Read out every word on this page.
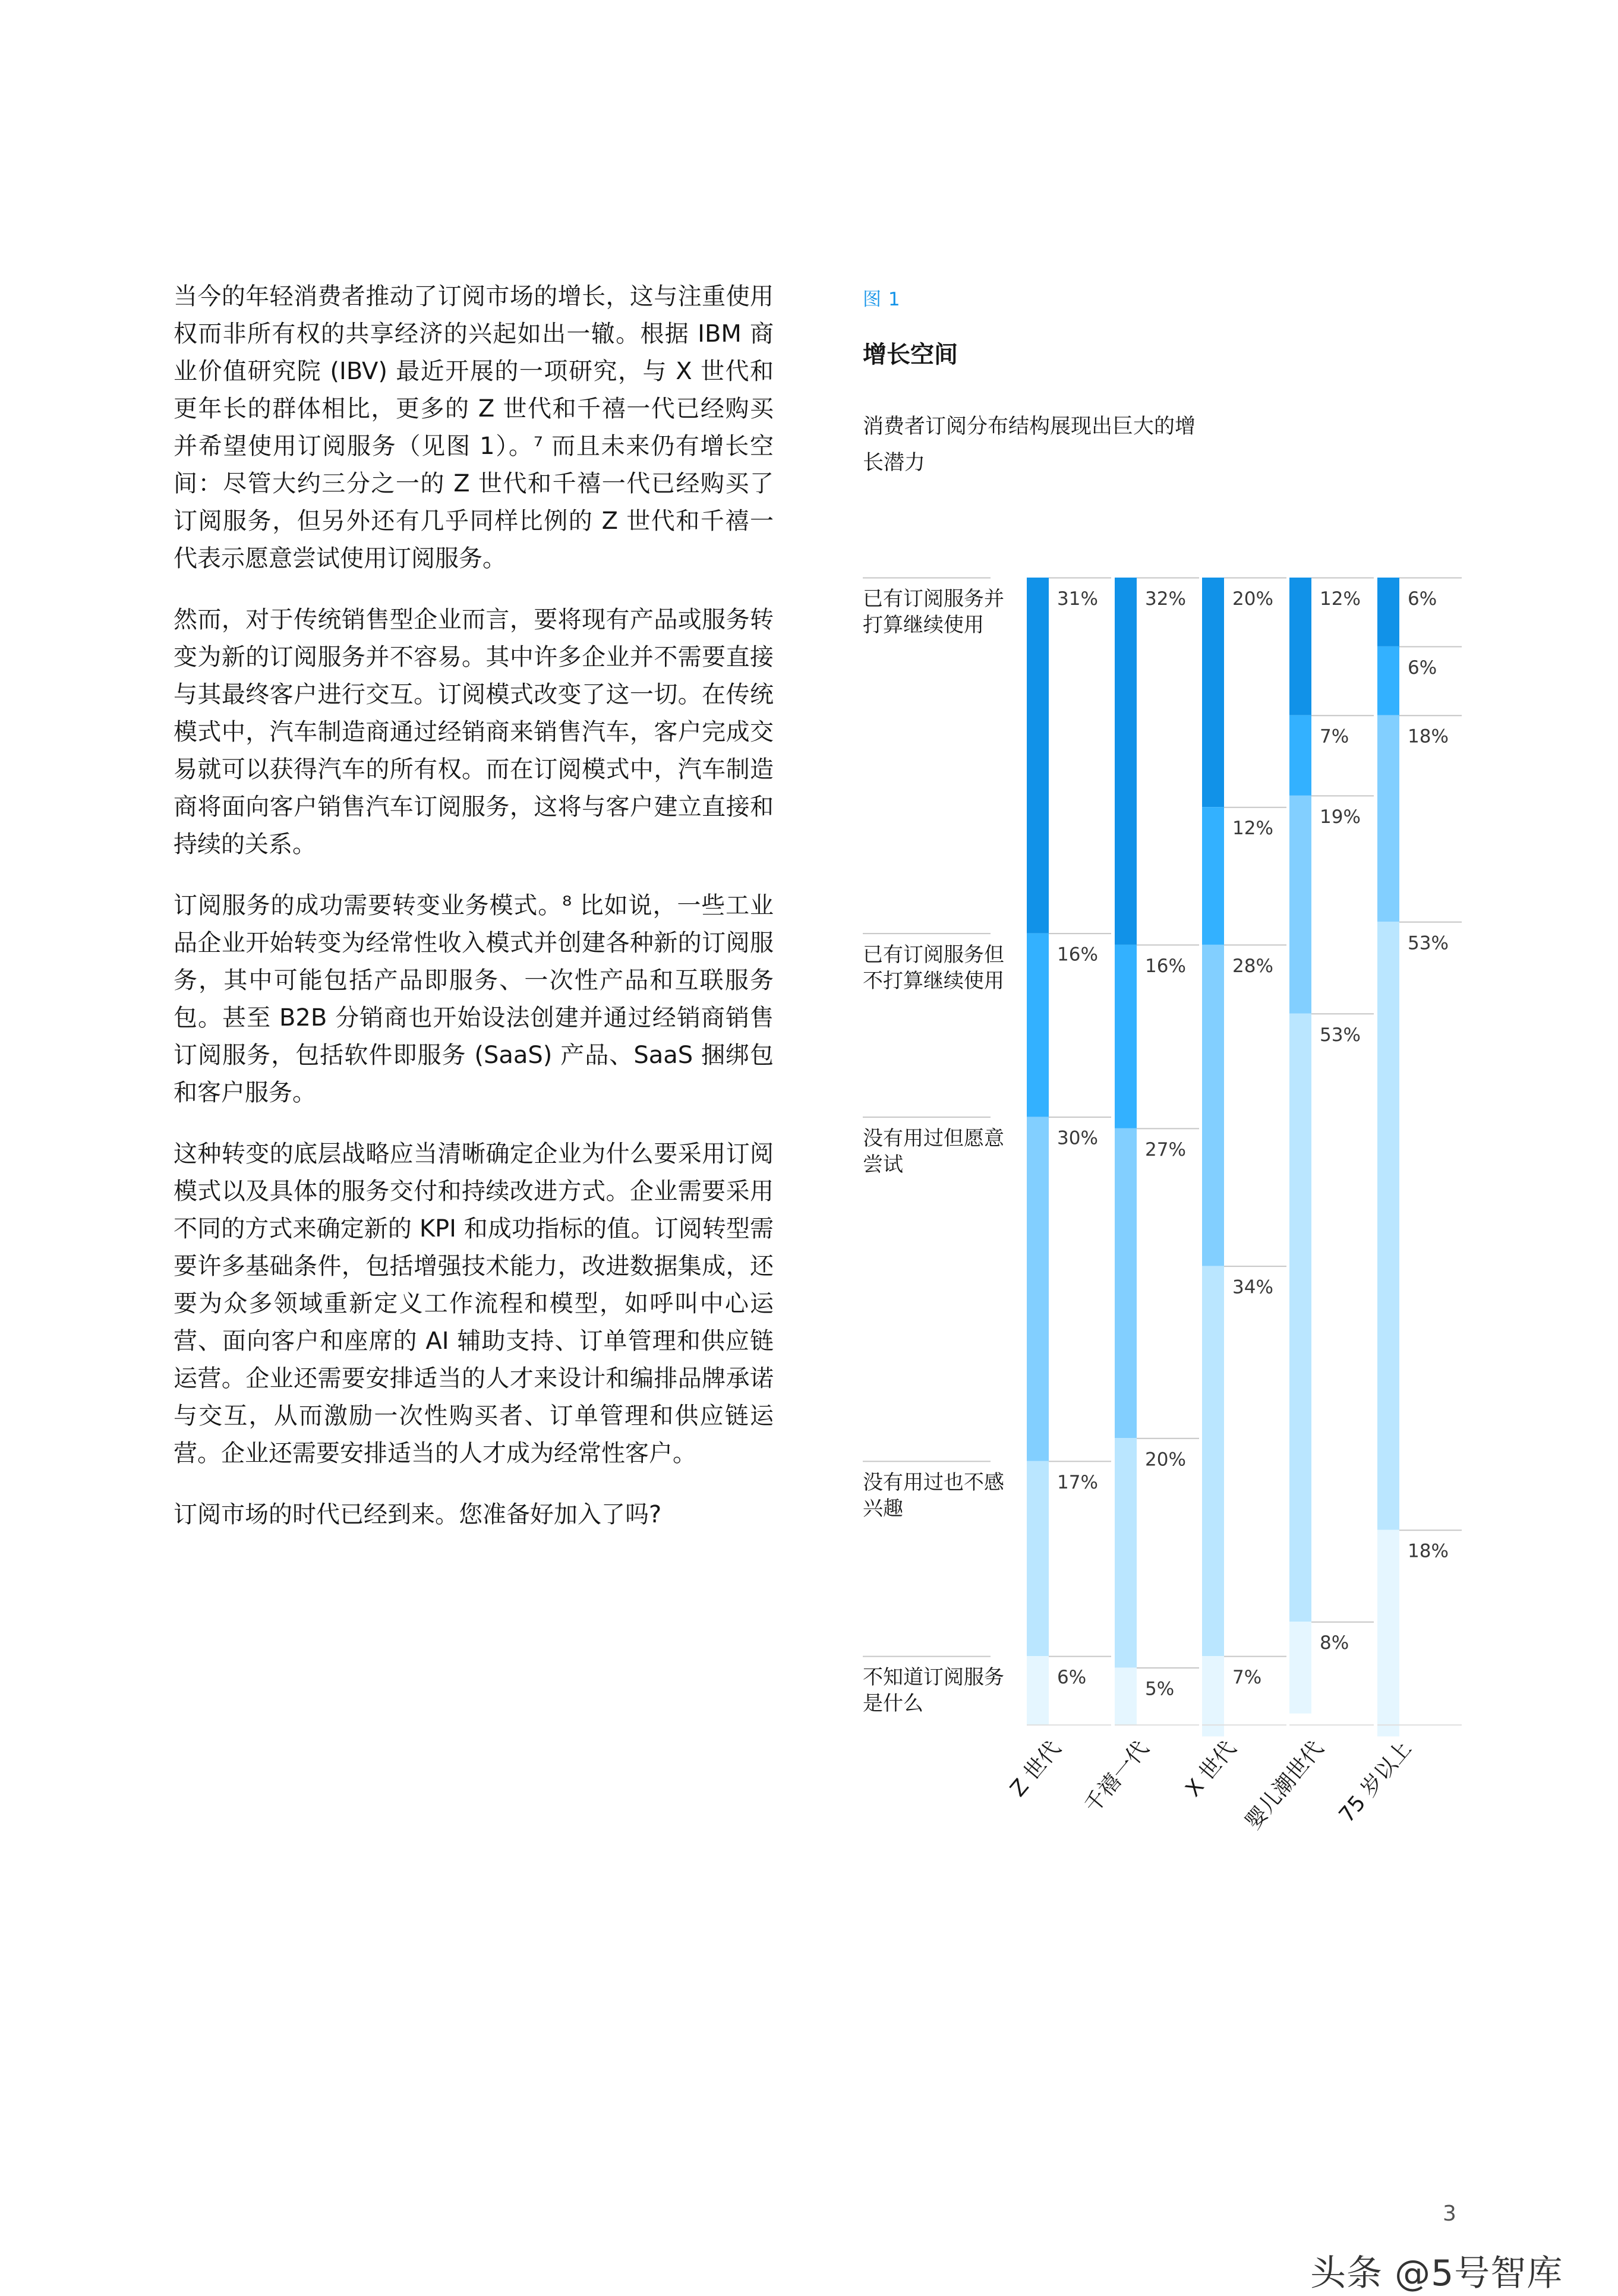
当今的年轻消费者推动了订阅市场的增长，这与注重使用权而非所有权的共享经济的兴起如出一辙。根据 IBM 商业价值研究院 (IBV) 最近开展的一项研究，与 X 世代和更年长的群体相比，更多的 Z 世代和千禧一代已经购买并希望使用订阅服务（见图 1）。⁷ 而且未来仍有增长空间：尽管大约三分之一的 Z 世代和千禧一代已经购买了订阅服务，但另外还有几乎同样比例的 Z 世代和千禧一代表示愿意尝试使用订阅服务。

然而，对于传统销售型企业而言，要将现有产品或服务转变为新的订阅服务并不容易。其中许多企业并不需要直接与其最终客户进行交互。订阅模式改变了这一切。在传统模式中，汽车制造商通过经销商来销售汽车，客户完成交易就可以获得汽车的所有权。而在订阅模式中，汽车制造商将面向客户销售汽车订阅服务，这将与客户建立直接和持续的关系。

订阅服务的成功需要转变业务模式。⁸ 比如说，一些工业品企业开始转变为经常性收入模式并创建各种新的订阅服务，其中可能包括产品即服务、一次性产品和互联服务包。甚至 B2B 分销商也开始设法创建并通过经销商销售订阅服务，包括软件即服务 (SaaS) 产品、SaaS 捆绑包和客户服务。

这种转变的底层战略应当清晰确定企业为什么要采用订阅模式以及具体的服务交付和持续改进方式。企业需要采用不同的方式来确定新的 KPI 和成功指标的值。订阅转型需要许多基础条件，包括增强技术能力，改进数据集成，还要为众多领域重新定义工作流程和模型，如呼叫中心运营、面向客户和座席的 AI 辅助支持、订单管理和供应链运营。企业还需要安排适当的人才来设计和编排品牌承诺与交互，从而激励一次性购买者、订单管理和供应链运营。企业还需要安排适当的人才成为经常性客户。

订阅市场的时代已经到来。您准备好加入了吗?

图 1
增长空间
消费者订阅分布结构展现出巨大的增长潜力
已有订阅服务并打算继续使用
已有订阅服务但不打算继续使用
没有用过但愿意尝试
没有用过也不感兴趣
不知道订阅服务是什么
31%
16%
30%
17%
6%
Z 世代
32%
16%
27%
20%
5%
千禧一代
20%
12%
28%
34%
7%
X 世代
12%
7%
19%
53%
8%
婴儿潮世代
6%
6%
18%
53%
18%
75 岁以上
3
头条 @5号智库
